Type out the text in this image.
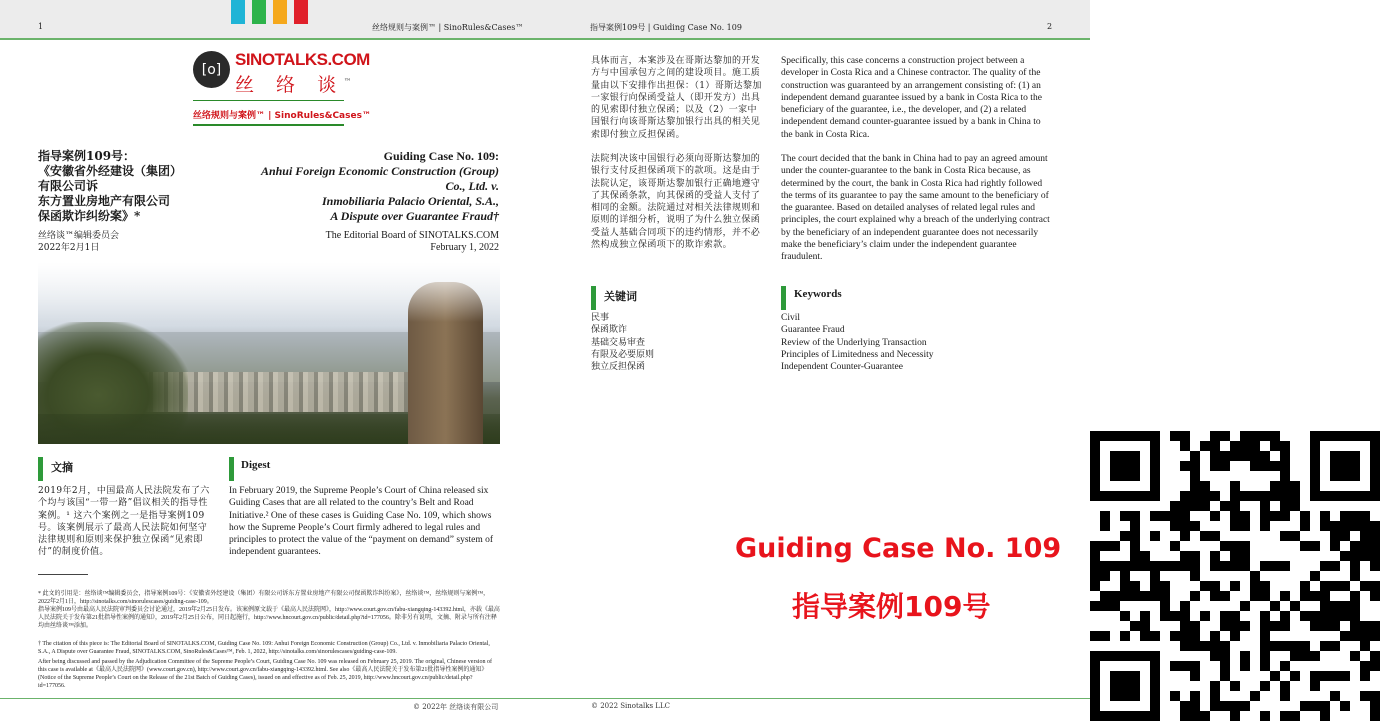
1	丝络规则与案例™ | SinoRules&Cases™	指导案例109号 | Guiding Case No. 109	2
[o]
SINOTALKS.COM
丝 络 谈™
丝络规则与案例™ | SinoRules&Cases™
指导案例109号：
《安徽省外经建设（集团）
有限公司诉
东方置业房地产有限公司
保函欺诈纠纷案》*
Guiding Case No. 109:
Anhui Foreign Economic Construction (Group)
Co., Ltd. v.
Inmobiliaria Palacio Oriental, S.A.,
A Dispute over Guarantee Fraud†
丝络谈™编辑委员会
2022年2月1日
The Editorial Board of SINOTALKS.COM
February 1, 2022
文摘	Digest
2019年2月，中国最高人民法院发布了六个均与该国“一带一路”倡议相关的指导性案例。¹ 这六个案例之一是指导案例109号。该案例展示了最高人民法院如何坚守法律规则和原则来保护独立保函“见索即付”的制度价值。
In February 2019, the Supreme People’s Court of China released six Guiding Cases that are all related to the country’s Belt and Road Initiative.² One of these cases is Guiding Case No. 109, which shows how the Supreme People’s Court firmly adhered to legal rules and principles to protect the value of the “payment on demand” system of independent guarantees.
* 此文的引用是：丝络谈™编辑委员会，指导案例109号：《安徽省外经建设（集团）有限公司诉东方置业房地产有限公司保函欺诈纠纷案》，丝络谈™，丝络规则与案例™，2022年2月1日，http://sinotalks.com/sinorulescases/guiding-case-109。
指导案例109号由最高人民法院审判委员会讨论通过，2019年2月25日发布。该案例原文载于《最高人民法院网》，http://www.court.gov.cn/fabu-xiangqing-143392.html，亦载《最高人民法院关于发布第21批指导性案例的通知》，2019年2月25日公布，同日起施行，http://www.hncourt.gov.cn/public/detail.php?id=177056。除非另有说明，文摘、附录与所有注释均由丝络谈™添加。
† The citation of this piece is: The Editorial Board of SINOTALKS.COM, Guiding Case No. 109: Anhui Foreign Economic Construction (Group) Co., Ltd. v. Inmobiliaria Palacio Oriental, S.A., A Dispute over Guarantee Fraud, SINOTALKS.COM, SinoRules&Cases™, Feb. 1, 2022, http://sinotalks.com/sinorulescases/guiding-case-109.
After being discussed and passed by the Adjudication Committee of the Supreme People’s Court, Guiding Case No. 109 was released on February 25, 2019. The original, Chinese version of this case is available at《最高人民法院网》(www.court.gov.cn), http://www.court.gov.cn/fabu-xiangqing-143392.html. See also《最高人民法院关于发布第21批指导性案例的通知》(Notice of the Supreme People’s Court on the Release of the 21st Batch of Guiding Cases), issued on and effective as of Feb. 25, 2019, http://www.hncourt.gov.cn/public/detail.php?id=177056.
具体而言，本案涉及在哥斯达黎加的开发方与中国承包方之间的建设项目。施工质量由以下安排作出担保：（1）哥斯达黎加一家银行向保函受益人（即开发方）出具的见索即付独立保函；以及（2）一家中国银行向该哥斯达黎加银行出具的相关见索即付独立反担保函。
Specifically, this case concerns a construction project between a developer in Costa Rica and a Chinese contractor. The quality of the construction was guaranteed by an arrangement consisting of: (1) an independent demand guarantee issued by a bank in Costa Rica to the beneficiary of the guarantee, i.e., the developer, and (2) a related independent demand counter-guarantee issued by a bank in China to the bank in Costa Rica.
法院判决该中国银行必须向哥斯达黎加的银行支付反担保函项下的款项。这是由于法院认定，该哥斯达黎加银行正确地遵守了其保函条款，向其保函的受益人支付了相同的金额。法院通过对相关法律规则和原则的详细分析，说明了为什么独立保函受益人基础合同项下的违约情形，并不必然构成独立保函项下的欺诈索款。
The court decided that the bank in China had to pay an agreed amount under the counter-guarantee to the bank in Costa Rica because, as determined by the court, the bank in Costa Rica had rightly followed the terms of its guarantee to pay the same amount to the beneficiary of the guarantee. Based on detailed analyses of related legal rules and principles, the court explained why a breach of the underlying contract by the beneficiary of an independent guarantee does not necessarily make the beneficiary’s claim under the independent guarantee fraudulent.
关键词	Keywords
民事
保函欺诈
基础交易审查
有限及必要原则
独立反担保函
Civil
Guarantee Fraud
Review of the Underlying Transaction
Principles of Limitedness and Necessity
Independent Counter-Guarantee
© 2022年 丝络谈有限公司	© 2022 Sinotalks LLC
Guiding Case No. 109
指导案例109号
